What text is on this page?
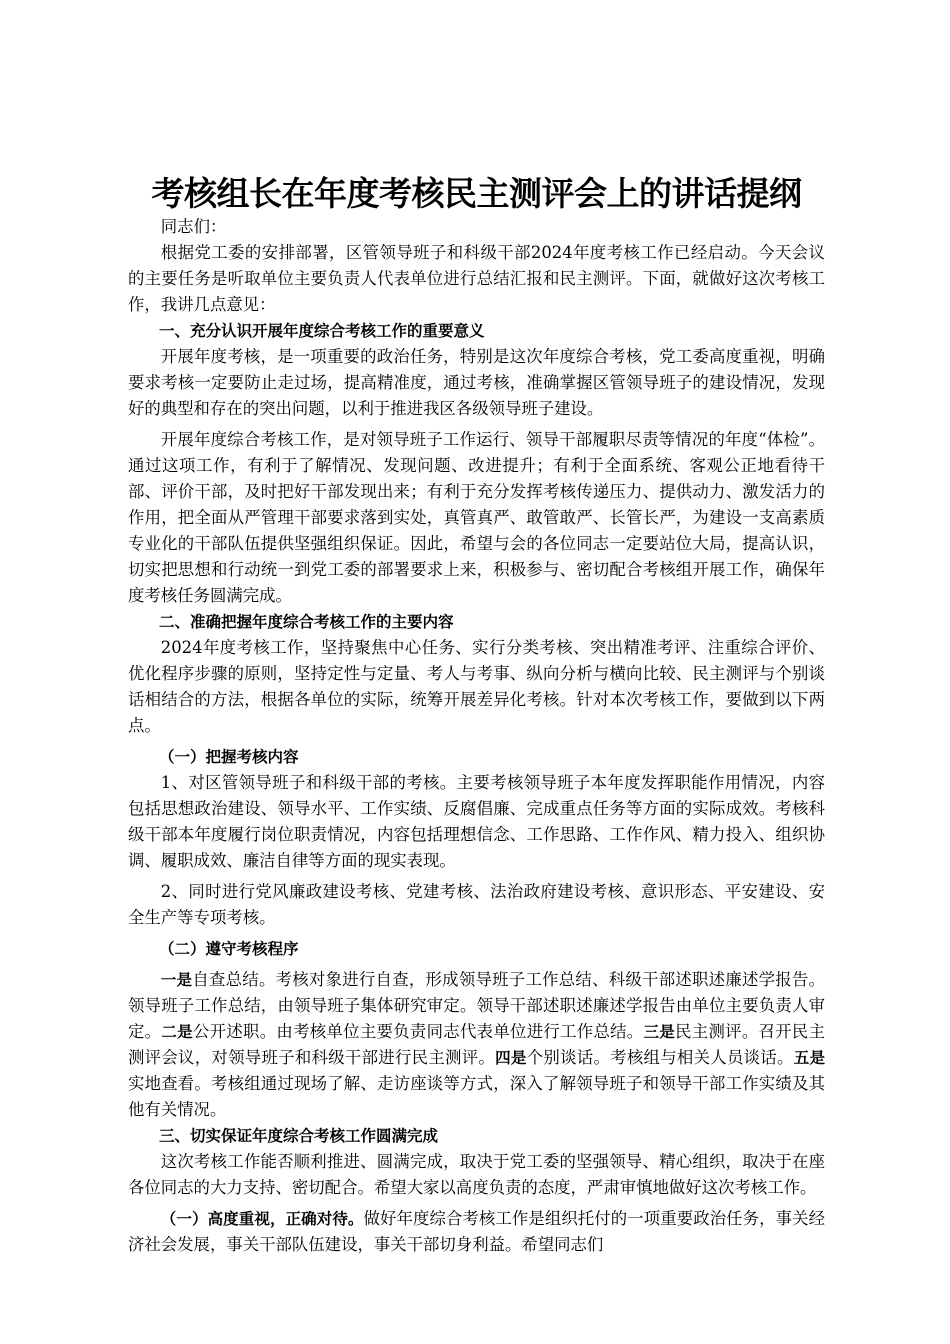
考核组长在年度考核民主测评会上的讲话提纲

同志们：

根据党工委的安排部署，区管领导班子和科级干部2024年度考核工作已经启动。今天会议的主要任务是听取单位主要负责人代表单位进行总结汇报和民主测评。下面，就做好这次考核工作，我讲几点意见：

一、充分认识开展年度综合考核工作的重要意义

开展年度考核，是一项重要的政治任务，特别是这次年度综合考核，党工委高度重视，明确要求考核一定要防止走过场，提高精准度，通过考核，准确掌握区管领导班子的建设情况，发现好的典型和存在的突出问题，以利于推进我区各级领导班子建设。

开展年度综合考核工作，是对领导班子工作运行、领导干部履职尽责等情况的年度“体检”。通过这项工作，有利于了解情况、发现问题、改进提升；有利于全面系统、客观公正地看待干部、评价干部，及时把好干部发现出来；有利于充分发挥考核传递压力、提供动力、激发活力的作用，把全面从严管理干部要求落到实处，真管真严、敢管敢严、长管长严，为建设一支高素质专业化的干部队伍提供坚强组织保证。因此，希望与会的各位同志一定要站位大局，提高认识，切实把思想和行动统一到党工委的部署要求上来，积极参与、密切配合考核组开展工作，确保年度考核任务圆满完成。

二、准确把握年度综合考核工作的主要内容

2024年度考核工作，坚持聚焦中心任务、实行分类考核、突出精准考评、注重综合评价、优化程序步骤的原则，坚持定性与定量、考人与考事、纵向分析与横向比较、民主测评与个别谈话相结合的方法，根据各单位的实际，统筹开展差异化考核。针对本次考核工作，要做到以下两点。

（一）把握考核内容

1、对区管领导班子和科级干部的考核。主要考核领导班子本年度发挥职能作用情况，内容包括思想政治建设、领导水平、工作实绩、反腐倡廉、完成重点任务等方面的实际成效。考核科级干部本年度履行岗位职责情况，内容包括理想信念、工作思路、工作作风、精力投入、组织协调、履职成效、廉洁自律等方面的现实表现。

2、同时进行党风廉政建设考核、党建考核、法治政府建设考核、意识形态、平安建设、安全生产等专项考核。

（二）遵守考核程序

一是自查总结。考核对象进行自查，形成领导班子工作总结、科级干部述职述廉述学报告。领导班子工作总结，由领导班子集体研究审定。领导干部述职述廉述学报告由单位主要负责人审定。二是公开述职。由考核单位主要负责同志代表单位进行工作总结。三是民主测评。召开民主测评会议，对领导班子和科级干部进行民主测评。四是个别谈话。考核组与相关人员谈话。五是实地查看。考核组通过现场了解、走访座谈等方式，深入了解领导班子和领导干部工作实绩及其他有关情况。

三、切实保证年度综合考核工作圆满完成

这次考核工作能否顺利推进、圆满完成，取决于党工委的坚强领导、精心组织，取决于在座各位同志的大力支持、密切配合。希望大家以高度负责的态度，严肃审慎地做好这次考核工作。

（一）高度重视，正确对待。做好年度综合考核工作是组织托付的一项重要政治任务，事关经济社会发展，事关干部队伍建设，事关干部切身利益。希望同志们
